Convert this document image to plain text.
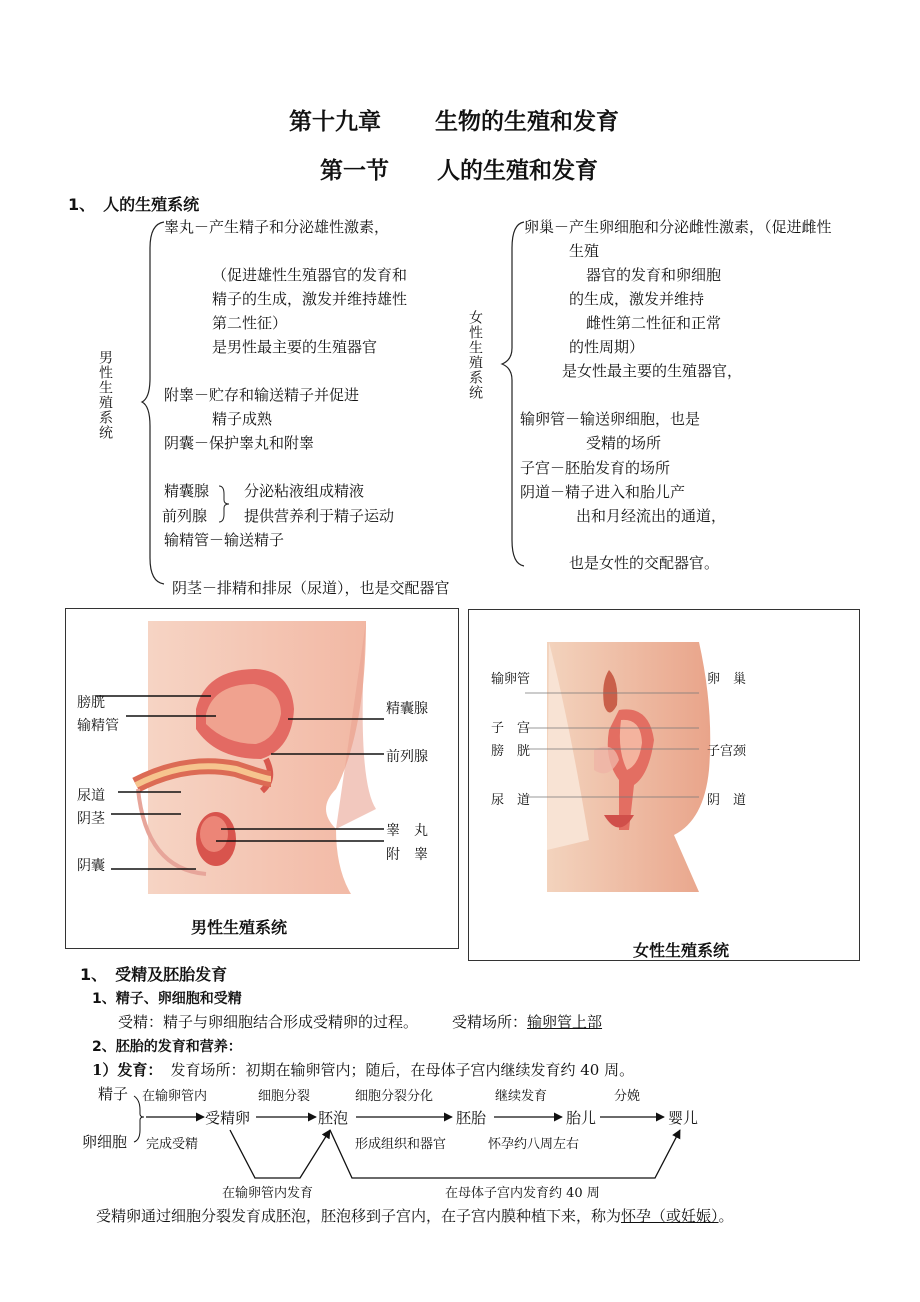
第十九章 生物的生殖和发育
第一节 人的生殖和发育
1、　人的生殖系统
男性生殖系统
睾丸－产生精子和分泌雄性激素，
（促进雄性生殖器官的发育和
精子的生成，激发并维持雄性
第二性征）
是男性最主要的生殖器官
附睾－贮存和输送精子并促进
精子成熟
阴囊－保护睾丸和附睾
精囊腺 分泌粘液组成精液
前列腺 提供营养利于精子运动
输精管－输送精子
阴茎－排精和排尿（尿道），也是交配器官
女性生殖系统
卵巢－产生卵细胞和分泌雌性激素，（促进雌性
生殖
器官的发育和卵细胞
的生成，激发并维持
雌性第二性征和正常
的性周期）
是女性最主要的生殖器官，
输卵管－输送卵细胞，也是
受精的场所
子宫－胚胎发育的场所
阴道－精子进入和胎儿产
出和月经流出的通道，
也是女性的交配器官。
膀胱
输精管
尿道
阴茎
阴囊
精囊腺
前列腺
睾　丸
附　睾
男性生殖系统
输卵管
子　宫
膀　胱
尿　道
卵　巢
子宫颈
阴　道
女性生殖系统
1、　受精及胚胎发育
1、精子、卵细胞和受精
受精：精子与卵细胞结合形成受精卵的过程。 受精场所：输卵管上部
2、胚胎的发育和营养：
1）发育： 发育场所：初期在输卵管内；随后，在母体子宫内继续发育约 40 周。
精子
卵细胞
受精卵	胚泡	胚胎	胎儿	婴儿
在输卵管内
完成受精
细胞分裂	细胞分裂分化
形成组织和器官
继续发育
怀孕约八周左右
分娩
在输卵管内发育	在母体子宫内发育约 40 周
受精卵通过细胞分裂发育成胚泡，胚泡移到子宫内，在子宫内膜种植下来，称为怀孕（或妊娠）。
